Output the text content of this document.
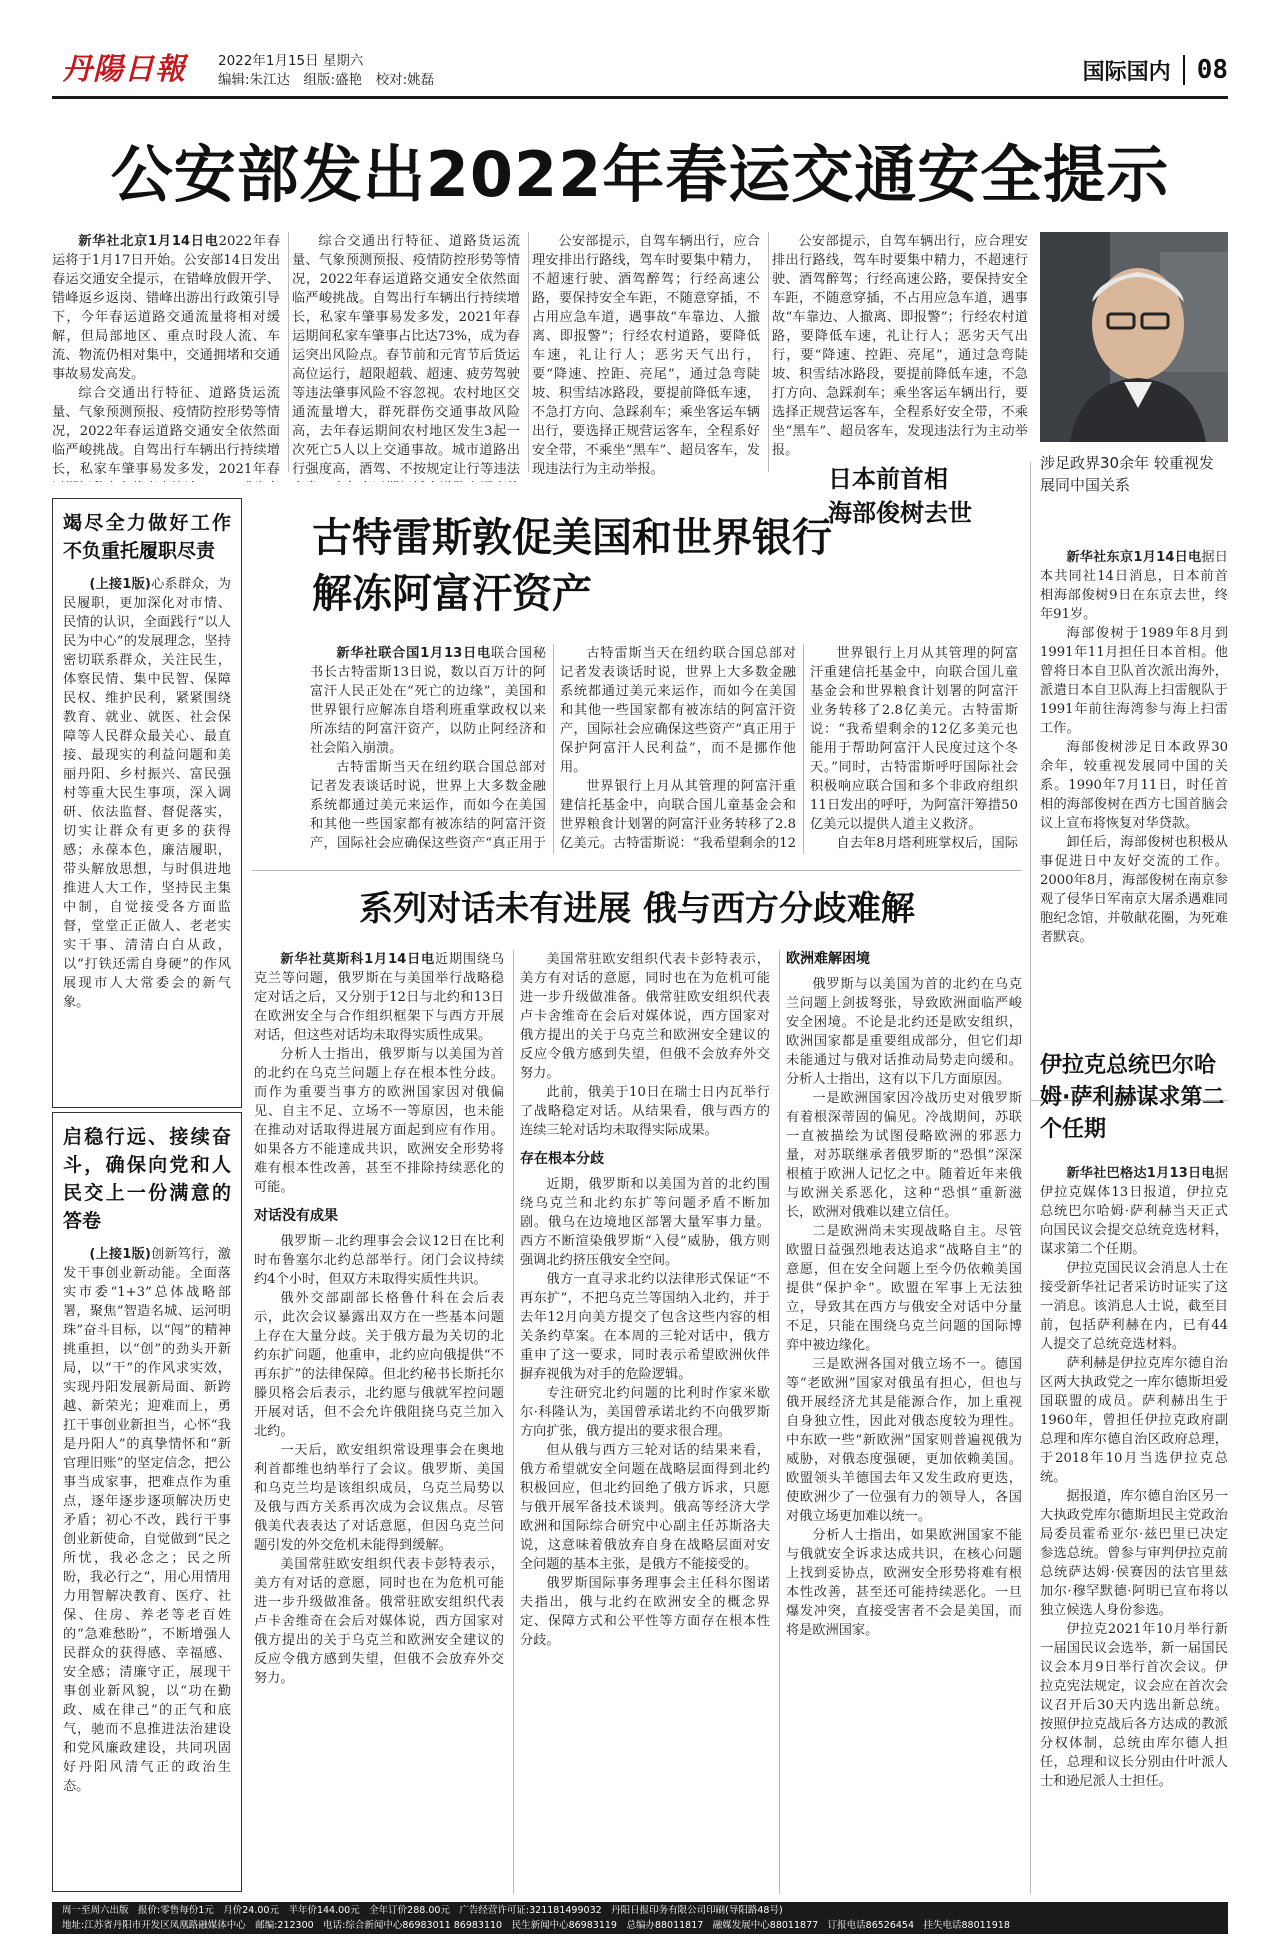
丹陽日報	2022年1月15日 星期六
编辑:朱江达　组版:盛艳　校对:姚磊	国际国内	08
公安部发出2022年春运交通安全提示

新华社北京1月14日电2022年春运将于1月17日开始。公安部14日发出春运交通安全提示，在错峰放假开学、错峰返乡返岗、错峰出游出行政策引导下，今年春运道路交通流量将相对缓解，但局部地区、重点时段人流、车流、物流仍相对集中，交通拥堵和交通事故易发高发。

综合交通出行特征、道路货运流量、气象预测预报、疫情防控形势等情况，2022年春运道路交通安全依然面临严峻挑战。自驾出行车辆出行持续增长，私家车肇事易发多发，2021年春

综合交通出行特征、道路货运流量、气象预测预报、疫情防控形势等情况，2022年春运道路交通安全依然面临严峻挑战。自驾出行车辆出行持续增长，私家车肇事易发多发，2021年春运期间私家车肇事占比达73%，成为春运突出风险点。春节前和元宵节后货运高位运行，超限超载、超速、疲劳驾驶等违法肇事风险不容忽视。农村地区交通流量增大，群死群伤交通事故风险高，去年春运期间农村地区发生3起一次死亡5人以上交通事故。城市道路出行强度高，酒驾、不按规定让行等违法

公安部提示，自驾车辆出行，应合理安排出行路线，驾车时要集中精力，不超速行驶、酒驾醉驾；行经高速公路，要保持安全车距，不随意穿插，不占用应急车道，遇事故“车靠边、人撤离、即报警”；行经农村道路，要降低车速，礼让行人；恶劣天气出行，要“降速、控距、亮尾”，通过急弯陡坡、积雪结冰路段，要提前降低车速，不急打方向、急踩刹车；乘坐客运车辆出行，要选择正规营运客车，全程系好安全带，不乘坐“黑车”、超员客车，发现违法行为主动举报。

公安部提示，自驾车辆出行，应合理安排出行路线，驾车时要集中精力，不超速行驶、酒驾醉驾；行经高速公路，要保持安全车距，不随意穿插，不占用应急车道，遇事故“车靠边、人撤离、即报警”；行经农村道路，要降低车速，礼让行人；恶劣天气出行，要“降速、控距、亮尾”，通过急弯陡坡、积雪结冰路段，要提前降低车速，不急打方向、急踩刹车；乘坐客运车辆出行，要选择正规营运客车，全程系好安全带，不乘坐“黑车”、超员客车，发现违法行为主动举报。

日本前首相
海部俊树去世
涉足政界30余年 较重视发展同中国关系

新华社东京1月14日电据日本共同社14日消息，日本前首相海部俊树9日在东京去世，终年91岁。

海部俊树于1989年8月到1991年11月担任日本首相。他曾将日本自卫队首次派出海外，派遣日本自卫队海上扫雷舰队于1991年前往海湾参与海上扫雷工作。

海部俊树涉足日本政界30余年，较重视发展同中国的关系。1990年7月11日，时任首相的海部俊树在西方七国首脑会议上宣布将恢复对华贷款。

卸任后，海部俊树也积极从事促进日中友好交流的工作。2000年8月，海部俊树在南京参观了侵华日军南京大屠杀遇难同胞纪念馆，并敬献花圈，为死难者默哀。

伊拉克总统巴尔哈姆·萨利赫谋求第二个任期

新华社巴格达1月13日电据伊拉克媒体13日报道，伊拉克总统巴尔哈姆·萨利赫当天正式向国民议会提交总统竞选材料，谋求第二个任期。

伊拉克国民议会消息人士在接受新华社记者采访时证实了这一消息。该消息人士说，截至目前，包括萨利赫在内，已有44人提交了总统竞选材料。

萨利赫是伊拉克库尔德自治区两大执政党之一库尔德斯坦爱国联盟的成员。萨利赫出生于1960年，曾担任伊拉克政府副总理和库尔德自治区政府总理，于2018年10月当选伊拉克总统。

据报道，库尔德自治区另一大执政党库尔德斯坦民主党政治局委员霍希亚尔·兹巴里已决定参选总统。曾参与审判伊拉克前总统萨达姆·侯赛因的法官里兹加尔·穆罕默德·阿明已宣布将以独立候选人身份参选。

伊拉克2021年10月举行新一届国民议会选举，新一届国民议会本月9日举行首次会议。伊拉克宪法规定，议会应在首次会议召开后30天内选出新总统。按照伊拉克战后各方达成的教派分权体制，总统由库尔德人担任，总理和议长分别由什叶派人士和逊尼派人士担任。

竭尽全力做好工作 不负重托履职尽责

(上接1版)心系群众，为民履职，更加深化对市情、民情的认识，全面践行“以人民为中心”的发展理念，坚持密切联系群众，关注民生，体察民情、集中民智、保障民权、维护民利，紧紧围绕教育、就业、就医、社会保障等人民群众最关心、最直接、最现实的利益问题和美丽丹阳、乡村振兴、富民强村等重大民生事项，深入调研、依法监督、督促落实，切实让群众有更多的获得感；永葆本色，廉洁履职，带头解放思想，与时俱进地推进人大工作，坚持民主集中制，自觉接受各方面监督，堂堂正正做人、老老实实干事、清清白白从政，以“打铁还需自身硬”的作风展现市人大常委会的新气象。

启稳行远、接续奋斗，确保向党和人民交上一份满意的答卷

(上接1版)创新笃行，激发干事创业新动能。全面落实市委“1+3”总体战略部署，聚焦“智造名城、运河明珠”奋斗目标，以“闯”的精神挑重担，以“创”的劲头开新局，以“干”的作风求实效，实现丹阳发展新局面、新跨越、新荣光；迎难而上，勇扛干事创业新担当，心怀“我是丹阳人”的真挚情怀和“新官理旧账”的坚定信念，把公事当成家事，把难点作为重点，逐年逐步逐项解决历史矛盾；初心不改，践行干事创业新使命，自觉做到“民之所忧，我必念之；民之所盼，我必行之”，用心用情用力用智解决教育、医疗、社保、住房、养老等老百姓的“急难愁盼”，不断增强人民群众的获得感、幸福感、安全感；清廉守正，展现干事创业新风貌，以“功在勤政、威在律己”的正气和底气，驰而不息推进法治建设和党风廉政建设，共同巩固好丹阳风清气正的政治生态。

古特雷斯敦促美国和世界银行
解冻阿富汗资产

新华社联合国1月13日电联合国秘书长古特雷斯13日说，数以百万计的阿富汗人民正处在“死亡的边缘”，美国和世界银行应解冻自塔利班重掌政权以来所冻结的阿富汗资产，以防止阿经济和社会陷入崩溃。

古特雷斯当天在纽约联合国总部对记者发表谈话时说，世界上大多数金融系统都通过美元来运作，而如今在美国和其他一些国家都有被冻结的阿富汗资产，国际社会应确保这些资产“真正用于

古特雷斯当天在纽约联合国总部对记者发表谈话时说，世界上大多数金融系统都通过美元来运作，而如今在美国和其他一些国家都有被冻结的阿富汗资产，国际社会应确保这些资产“真正用于保护阿富汗人民利益”，而不是挪作他用。

世界银行上月从其管理的阿富汗重建信托基金中，向联合国儿童基金会和世界粮食计划署的阿富汗业务转移了2.8亿美元。古特雷斯说：“我希望剩余的12

世界银行上月从其管理的阿富汗重建信托基金中，向联合国儿童基金会和世界粮食计划署的阿富汗业务转移了2.8亿美元。古特雷斯说：“我希望剩余的12亿多美元也能用于帮助阿富汗人民度过这个冬天。”同时，古特雷斯呼吁国际社会积极响应联合国和多个非政府组织11日发出的呼吁，为阿富汗筹措50亿美元以提供人道主义救济。

自去年8月塔利班掌权后，国际

系列对话未有进展 俄与西方分歧难解

新华社莫斯科1月14日电近期围绕乌克兰等问题，俄罗斯在与美国举行战略稳定对话之后，又分别于12日与北约和13日在欧洲安全与合作组织框架下与西方开展对话，但这些对话均未取得实质性成果。

分析人士指出，俄罗斯与以美国为首的北约在乌克兰问题上存在根本性分歧。而作为重要当事方的欧洲国家因对俄偏见、自主不足、立场不一等原因，也未能在推动对话取得进展方面起到应有作用。如果各方不能達成共识，欧洲安全形势将难有根本性改善，甚至不排除持续恶化的可能。

对话没有成果

俄罗斯－北约理事会会议12日在比利时布鲁塞尔北约总部举行。闭门会议持续约4个小时，但双方未取得实质性共识。

俄外交部副部长格鲁什科在会后表示，此次会议暴露出双方在一些基本问题上存在大量分歧。关于俄方最为关切的北约东扩问题，他重申，北约应向俄提供“不再东扩”的法律保障。但北约秘书长斯托尔滕贝格会后表示，北约愿与俄就军控问题开展对话，但不会允许俄阻挠乌克兰加入北约。

一天后，欧安组织常设理事会在奥地利首都维也纳举行了会议。俄罗斯、美国和乌克兰均是该组织成员，乌克兰局势以及俄与西方关系再次成为会议焦点。尽管俄美代表表达了对话意愿，但因乌克兰问题引发的外交危机未能得到缓解。

美国常驻欧安组织代表卡彭特表示，美方有对话的意愿，同时也在为危机可能进一步升级做准备。俄常驻欧安组织代表卢卡舍维奇在会后对媒体说，西方国家对俄方提出的关于乌克兰和欧洲安全建议的反应令俄方感到失望，但俄不会放弃外交努力。

美国常驻欧安组织代表卡彭特表示，美方有对话的意愿，同时也在为危机可能进一步升级做准备。俄常驻欧安组织代表卢卡舍维奇在会后对媒体说，西方国家对俄方提出的关于乌克兰和欧洲安全建议的反应令俄方感到失望，但俄不会放弃外交努力。

此前，俄美于10日在瑞士日内瓦举行了战略稳定对话。从结果看，俄与西方的连续三轮对话均未取得实际成果。

存在根本分歧

近期，俄罗斯和以美国为首的北约围绕乌克兰和北约东扩等问题矛盾不断加剧。俄乌在边境地区部署大量军事力量。西方不断渲染俄罗斯“入侵”威胁，俄方则强调北约挤压俄安全空间。

俄方一直寻求北约以法律形式保证“不再东扩”，不把乌克兰等国纳入北约，并于去年12月向美方提交了包含这些内容的相关条约草案。在本周的三轮对话中，俄方重申了这一要求，同时表示希望欧洲伙伴摒弃视俄为对手的危险逻辑。

专注研究北约问题的比利时作家米歇尔·科隆认为，美国曾承诺北约不向俄罗斯方向扩张，俄方提出的要求很合理。

但从俄与西方三轮对话的结果来看，俄方希望就安全问题在战略层面得到北约积极回应，但北约回绝了俄方诉求，只愿与俄开展军备技术谈判。俄高等经济大学欧洲和国际综合研究中心副主任苏斯洛夫说，这意味着俄放弃自身在战略层面对安全问题的基本主张，是俄方不能接受的。

俄罗斯国际事务理事会主任科尔图诺夫指出，俄与北约在欧洲安全的概念界定、保障方式和公平性等方面存在根本性分歧。

欧洲难解困境

俄罗斯与以美国为首的北约在乌克兰问题上剑拔弩张，导致欧洲面临严峻安全困境。不论是北约还是欧安组织，欧洲国家都是重要组成部分，但它们却未能通过与俄对话推动局势走向缓和。分析人士指出，这有以下几方面原因。

一是欧洲国家因冷战历史对俄罗斯有着根深蒂固的偏见。冷战期间，苏联一直被描绘为试图侵略欧洲的邪恶力量，对苏联继承者俄罗斯的“恐惧”深深根植于欧洲人记忆之中。随着近年来俄与欧洲关系恶化，这种“恐惧”重新滋长，欧洲对俄难以建立信任。

二是欧洲尚未实现战略自主。尽管欧盟日益强烈地表达追求“战略自主”的意愿，但在安全问题上至今仍依赖美国提供“保护伞”。欧盟在军事上无法独立，导致其在西方与俄安全对话中分量不足，只能在围绕乌克兰问题的国际博弈中被边缘化。

三是欧洲各国对俄立场不一。德国等“老欧洲”国家对俄虽有担心，但也与俄开展经济尤其是能源合作，加上重视自身独立性，因此对俄态度较为理性。中东欧一些“新欧洲”国家则普遍视俄为威胁，对俄态度强硬，更加依赖美国。欧盟领头羊德国去年又发生政府更迭，使欧洲少了一位强有力的领导人，各国对俄立场更加难以统一。

分析人士指出，如果欧洲国家不能与俄就安全诉求达成共识，在核心问题上找到妥协点，欧洲安全形势将难有根本性改善，甚至还可能持续恶化。一旦爆发冲突，直接受害者不会是美国，而将是欧洲国家。

周一至周六出版　报价:零售每份1元　月价24.00元　半年价144.00元　全年订价288.00元　广告经营许可证:321181499032　丹阳日报印务有限公司印刷(导阳路48号)
地址:江苏省丹阳市开发区凤凰路融媒体中心　邮编:212300　电话:综合新闻中心86983011 86983110　民生新闻中心86983119　总编办88011817　融媒发展中心88011877　订报电话86526454　挂失电话88011918
